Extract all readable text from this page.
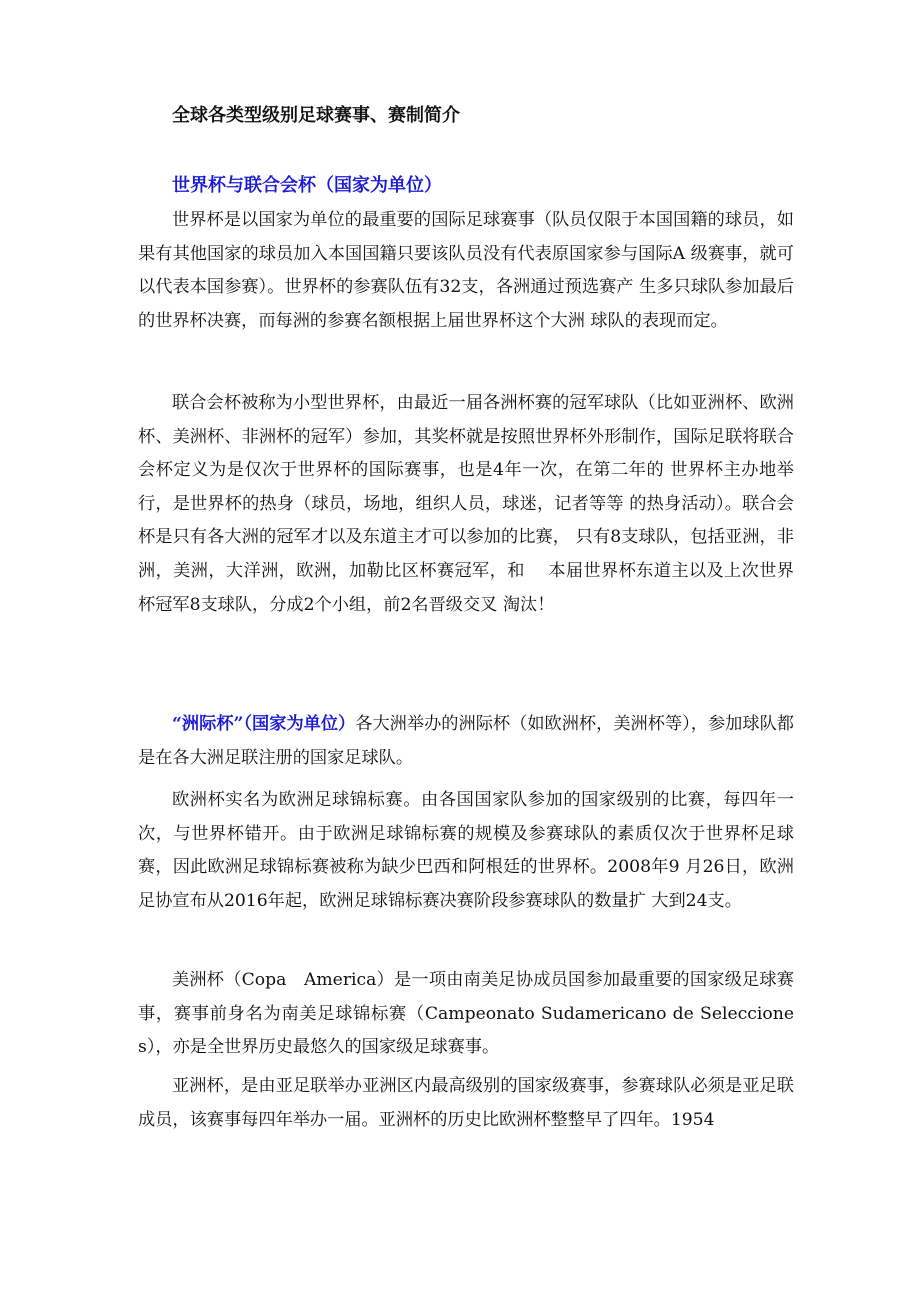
全球各类型级别足球赛事、赛制简介
世界杯与联合会杯（国家为单位）

世界杯是以国家为单位的最重要的国际足球赛事（队员仅限于本国国籍的球员，如果有其他国家的球员加入本国国籍只要该队员没有代表原国家参与国际A 级赛事，就可以代表本国参赛）。世界杯的参赛队伍有32支，各洲通过预选赛产 生多只球队参加最后的世界杯决赛，而每洲的参赛名额根据上届世界杯这个大洲 球队的表现而定。

联合会杯被称为小型世界杯，由最近一届各洲杯赛的冠军球队（比如亚洲杯、欧洲杯、美洲杯、非洲杯的冠军）参加，其奖杯就是按照世界杯外形制作，国际足联将联合会杯定义为是仅次于世界杯的国际赛事，也是4年一次，在第二年的 世界杯主办地举行，是世界杯的热身（球员，场地，组织人员，球迷，记者等等 的热身活动）。联合会杯是只有各大洲的冠军才以及东道主才可以参加的比赛， 只有8支球队，包括亚洲，非洲，美洲，大洋洲，欧洲，加勒比区杯赛冠军，和　 本届世界杯东道主以及上次世界杯冠军8支球队，分成2个小组，前2名晋级交叉 淘汰！

“洲际杯”（国家为单位）各大洲举办的洲际杯（如欧洲杯，美洲杯等），参加球队都是在各大洲足联注册的国家足球队。

欧洲杯实名为欧洲足球锦标赛。由各国国家队参加的国家级别的比赛，每四年一次，与世界杯错开。由于欧洲足球锦标赛的规模及参赛球队的素质仅次于世界杯足球赛，因此欧洲足球锦标赛被称为缺少巴西和阿根廷的世界杯。2008年9 月26日，欧洲足协宣布从2016年起，欧洲足球锦标赛决赛阶段参赛球队的数量扩 大到24支。

美洲杯（Copa　America）是一项由南美足协成员国参加最重要的国家级足球赛事，赛事前身名为南美足球锦标赛（Campeonato Sudamericano de Selecciones），亦是全世界历史最悠久的国家级足球赛事。

亚洲杯，是由亚足联举办亚洲区内最高级别的国家级赛事，参赛球队必须是亚足联成员，该赛事每四年举办一届。亚洲杯的历史比欧洲杯整整早了四年。1954
